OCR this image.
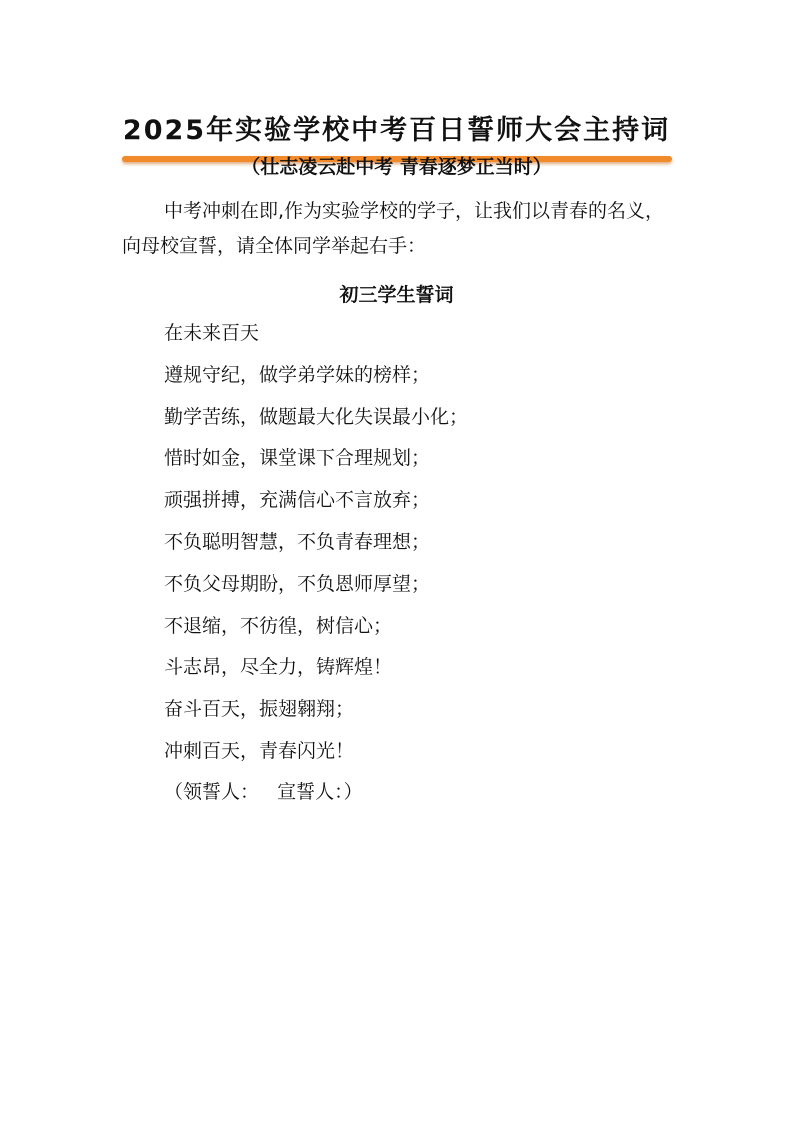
2025年实验学校中考百日誓师大会主持词
（壮志凌云赴中考 青春逐梦正当时）

中考冲刺在即,作为实验学校的学子，让我们以青春的名义，向母校宣誓，请全体同学举起右手：

初三学生誓词
在未来百天
遵规守纪，做学弟学妹的榜样；
勤学苦练，做题最大化失误最小化；
惜时如金，课堂课下合理规划；
顽强拼搏，充满信心不言放弃；
不负聪明智慧，不负青春理想；
不负父母期盼，不负恩师厚望；
不退缩，不彷徨，树信心；
斗志昂，尽全力，铸辉煌！
奋斗百天，振翅翱翔；
冲刺百天，青春闪光！
（领誓人：   宣誓人：）
